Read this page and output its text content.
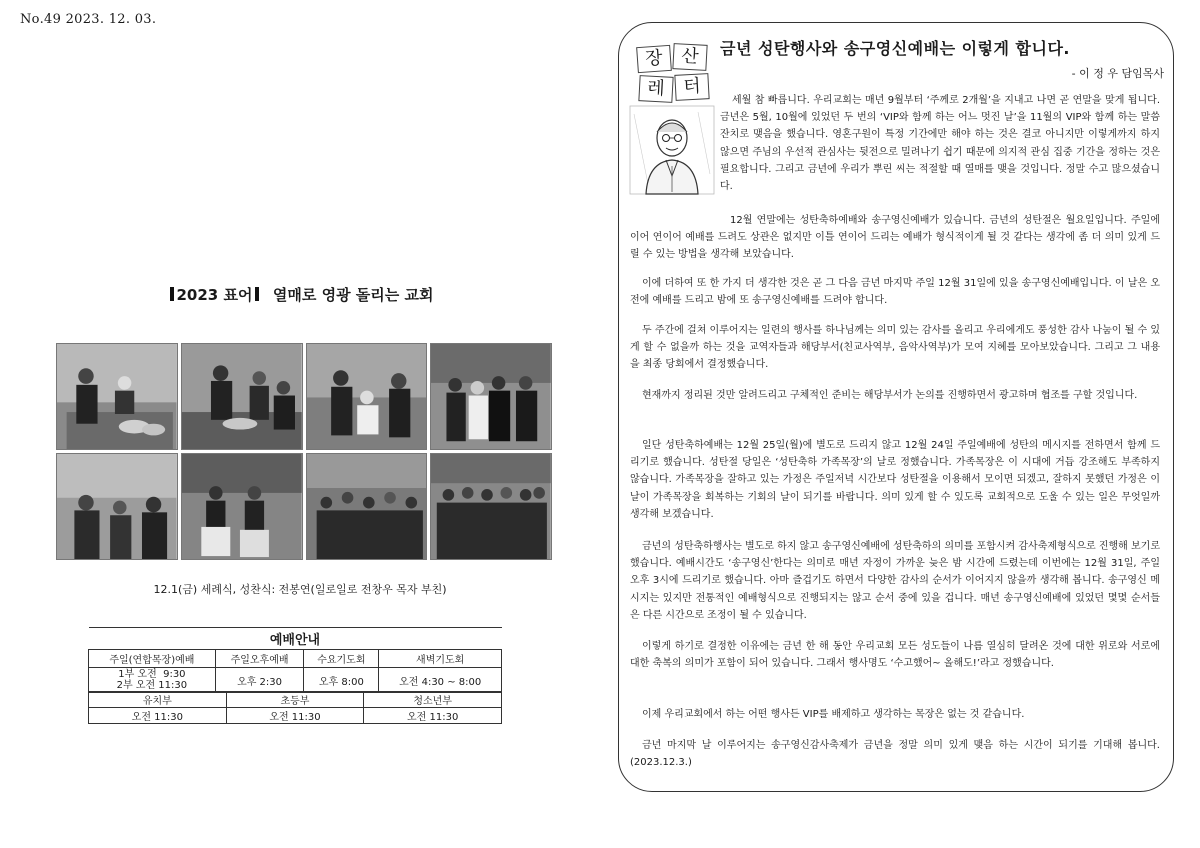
No.49 2023. 12. 03.
2023 표어 열매로 영광 돌리는 교회
12.1(금) 세례식, 성찬식: 전봉연(일로일로 전창우 목자 부친)
예배안내			
주일(연합목장)예배	주일오후예배	수요기도회	새벽기도회

1부 오전  9:30
2부 오전 11:30	오후 2:30	오후 8:00	오전 4:30 ~ 8:00
유치부	초등부	청소년부
오전 11:30	오전 11:30	오전 11:30
장 산
레 터
금년 성탄행사와 송구영신예배는 이렇게 합니다.
- 이 정 우 담임목사
세월 참 빠릅니다. 우리교회는 매년 9월부터 ‘주께로 2개월’을 지내고 나면 곧 연말을 맞게 됩니다. 금년은 5월, 10월에 있었던 두 번의 ‘VIP와 함께 하는 어느 멋진 날’을 11월의 VIP와 함께 하는 말씀 잔치로 맺음을 했습니다. 영혼구원이 특정 기간에만 해야 하는 것은 결코 아니지만 이렇게까지 하지 않으면 주님의 우선적 관심사는 뒷전으로 밀려나기 쉽기 때문에 의지적 관심 집중 기간을 정하는 것은 필요합니다. 그리고 금년에 우리가 뿌린 씨는 적절할 때 열매를 맺을 것입니다. 정말 수고 많으셨습니다.

12월 연말에는 성탄축하예배와 송구영신예배가 있습니다. 금년의 성탄절은 월요일입니다. 주일에 이어 연이어 예배를 드려도 상관은 없지만 이틀 연이어 드리는 예배가 형식적이게 될 것 같다는 생각에 좀 더 의미 있게 드릴 수 있는 방법을 생각해 보았습니다.

이에 더하여 또 한 가지 더 생각한 것은 곧 그 다음 금년 마지막 주일 12월 31일에 있을 송구영신예배입니다. 이 날은 오전에 예배를 드리고 밤에 또 송구영신예배를 드려야 합니다.

두 주간에 걸쳐 이루어지는 일련의 행사를 하나님께는 의미 있는 감사를 올리고 우리에게도 풍성한 감사 나눔이 될 수 있게 할 수 없을까 하는 것을 교역자들과 해당부서(친교사역부, 음악사역부)가 모여 지혜를 모아보았습니다. 그리고 그 내용을 최종 당회에서 결정했습니다.

현재까지 정리된 것만 알려드리고 구체적인 준비는 해당부서가 논의를 진행하면서 광고하며 협조를 구할 것입니다.

일단 성탄축하예배는 12월 25일(월)에 별도로 드리지 않고 12월 24일 주일예배에 성탄의 메시지를 전하면서 함께 드리기로 했습니다. 성탄절 당일은 ‘성탄축하 가족목장’의 날로 정했습니다. 가족목장은 이 시대에 거듭 강조해도 부족하지 않습니다. 가족목장을 잘하고 있는 가정은 주일저녁 시간보다 성탄절을 이용해서 모이면 되겠고, 잘하지 못했던 가정은 이 날이 가족목장을 회복하는 기회의 날이 되기를 바랍니다. 의미 있게 할 수 있도록 교회적으로 도울 수 있는 일은 무엇일까 생각해 보겠습니다.

금년의 성탄축하행사는 별도로 하지 않고 송구영신예배에 성탄축하의 의미를 포함시켜 감사축제형식으로 진행해 보기로 했습니다. 예배시간도 ‘송구영신’한다는 의미로 매년 자정이 가까운 늦은 밤 시간에 드렸는데 이번에는 12월 31일, 주일 오후 3시에 드리기로 했습니다. 아마 즐겁기도 하면서 다양한 감사의 순서가 이어지지 않을까 생각해 봅니다. 송구영신 메시지는 있지만 전통적인 예배형식으로 진행되지는 않고 순서 중에 있을 겁니다. 매년 송구영신예배에 있었던 몇몇 순서들은 다른 시간으로 조정이 될 수 있습니다.

이렇게 하기로 결정한 이유에는 금년 한 해 동안 우리교회 모든 성도들이 나름 열심히 달려온 것에 대한 위로와 서로에 대한 축복의 의미가 포함이 되어 있습니다. 그래서 행사명도 ‘수고했어~ 올해도!’라고 정했습니다.

이제 우리교회에서 하는 어떤 행사든 VIP를 배제하고 생각하는 목장은 없는 것 같습니다.

금년 마지막 날 이루어지는 송구영신감사축제가 금년을 정말 의미 있게 맺음 하는 시간이 되기를 기대해 봅니다.(2023.12.3.)
